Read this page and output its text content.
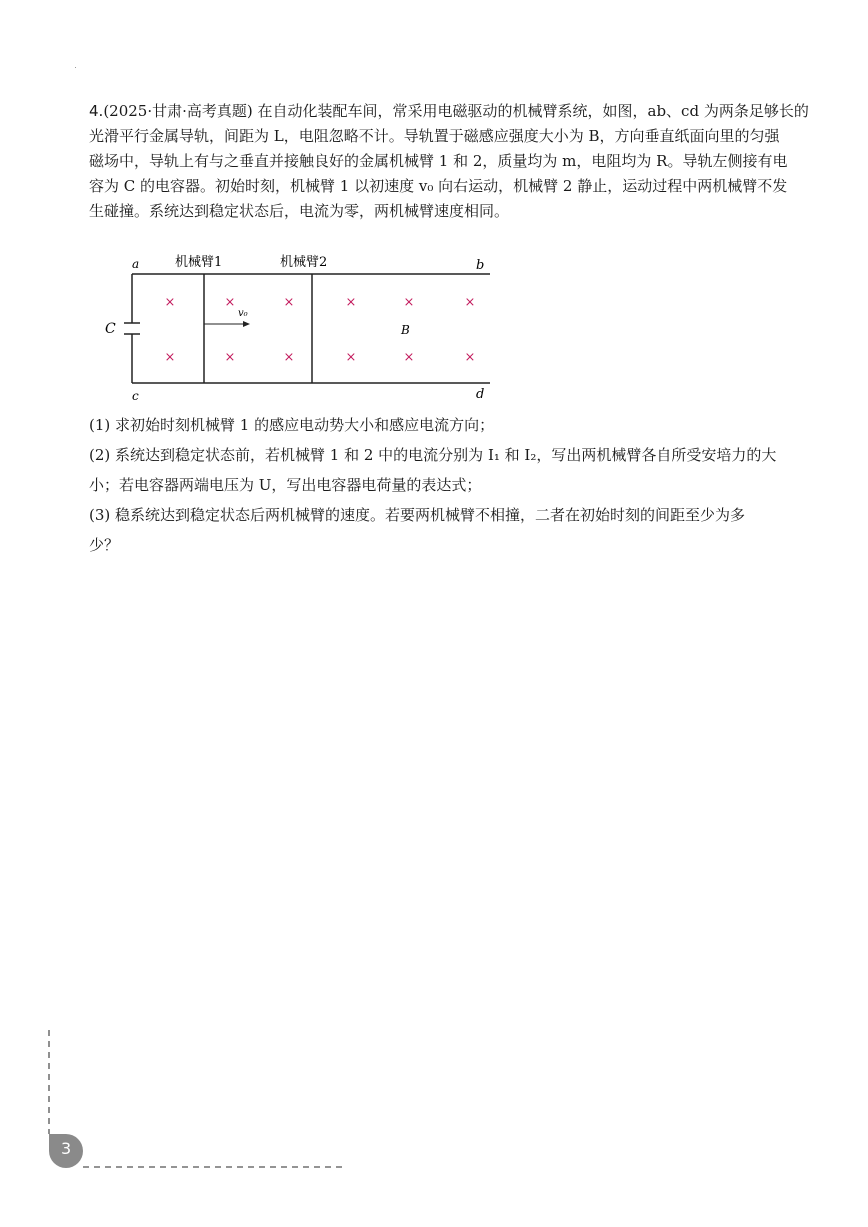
4.(2025·甘肃·高考真题) 在自动化装配车间，常采用电磁驱动的机械臂系统，如图，ab、cd 为两条足够长的
光滑平行金属导轨，间距为 L，电阻忽略不计。导轨置于磁感应强度大小为 B，方向垂直纸面向里的匀强
磁场中，导轨上有与之垂直并接触良好的金属机械臂 1 和 2，质量均为 m，电阻均为 R。导轨左侧接有电
容为 C 的电容器。初始时刻，机械臂 1 以初速度 v₀ 向右运动，机械臂 2 静止，运动过程中两机械臂不发
生碰撞。系统达到稳定状态后，电流为零，两机械臂速度相同。

a	b
c	d
C	B
v₀
机械臂1	机械臂2
×	×	×	×	×	×
×	×	×	×	×	×

(1) 求初始时刻机械臂 1 的感应电动势大小和感应电流方向；

(2) 系统达到稳定状态前，若机械臂 1 和 2 中的电流分别为 I₁ 和 I₂，写出两机械臂各自所受安培力的大

小；若电容器两端电压为 U，写出电容器电荷量的表达式；

(3) 稳系统达到稳定状态后两机械臂的速度。若要两机械臂不相撞，二者在初始时刻的间距至少为多

少？

3
